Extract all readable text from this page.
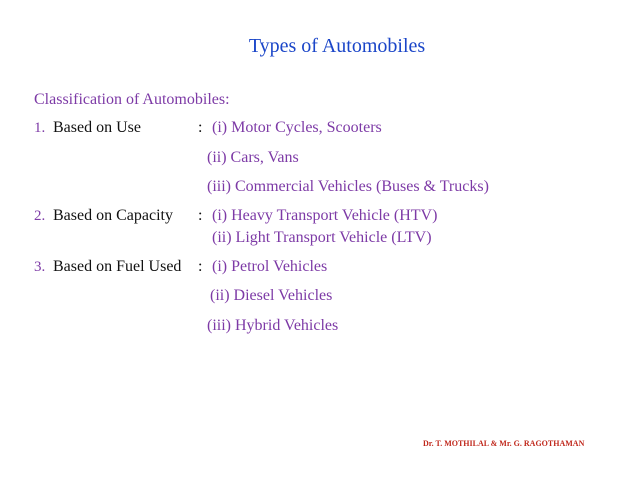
Types of Automobiles
Classification of Automobiles:
1. Based on Use	: (i) Motor Cycles, Scooters
(ii) Cars, Vans
(iii) Commercial Vehicles (Buses & Trucks)
2. Based on Capacity : (i) Heavy Transport Vehicle (HTV)
(ii) Light Transport Vehicle (LTV)
3. Based on Fuel Used : (i) Petrol Vehicles
(ii) Diesel Vehicles
(iii) Hybrid Vehicles
Dr. T. MOTHILAL & Mr. G. RAGOTHAMAN
